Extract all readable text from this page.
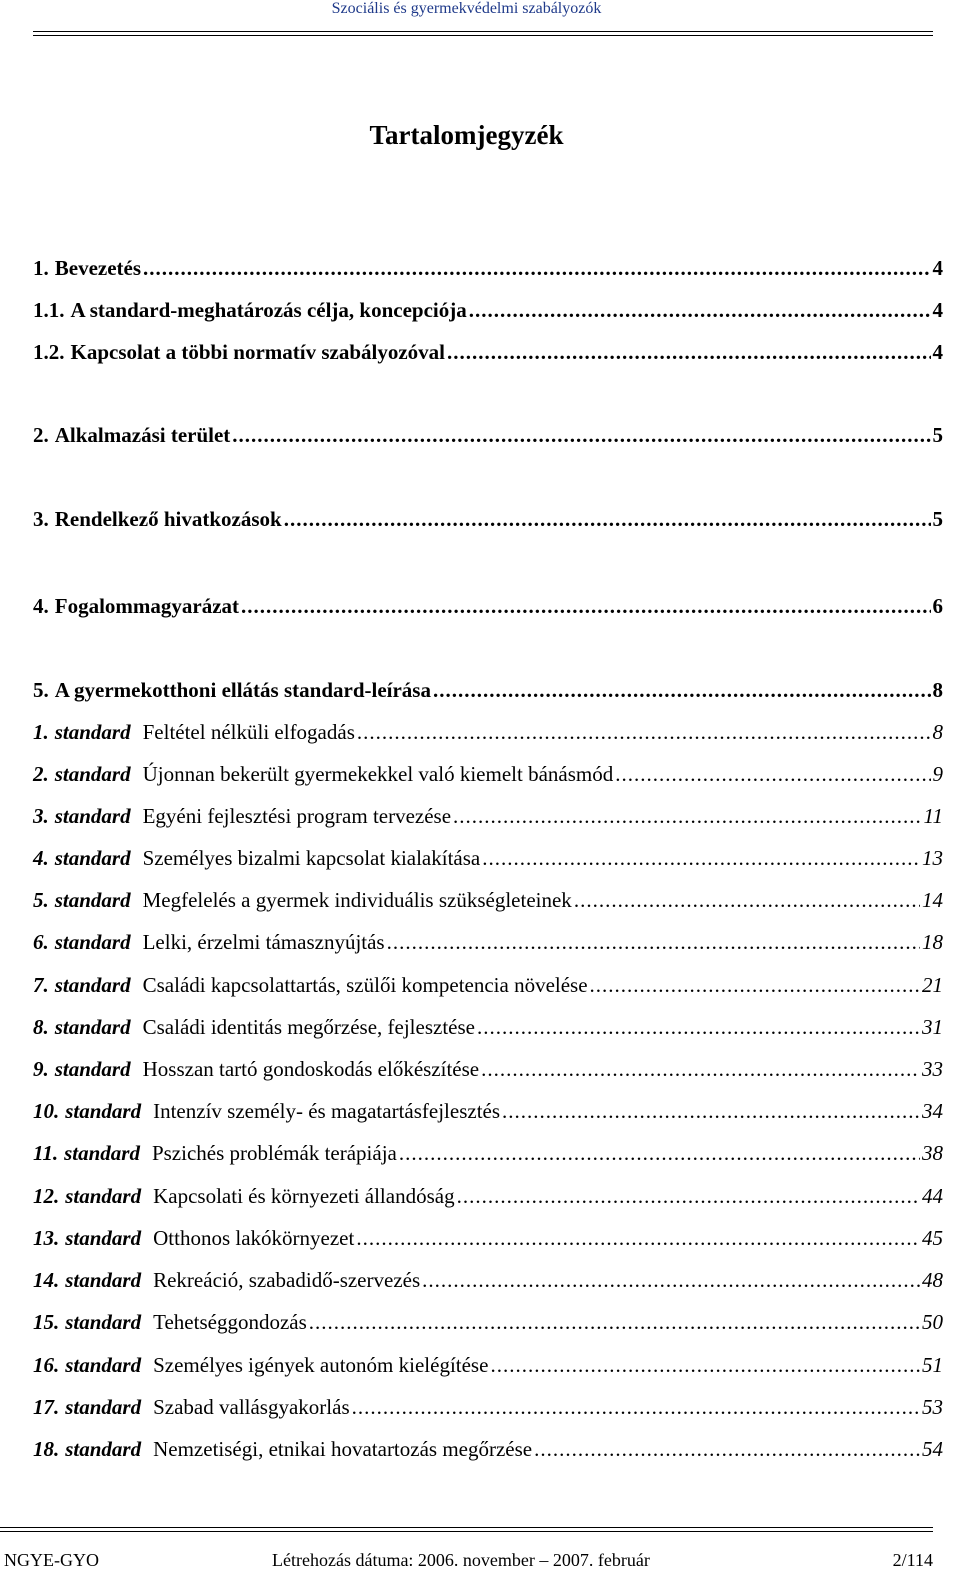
Szociális és gyermekvédelmi szabályozók
Tartalomjegyzék
1. Bevezetés .....	4
1.1. A standard-meghatározás célja, koncepciója .....	4
1.2. Kapcsolat a többi normatív szabályozóval .....	4
2. Alkalmazási terület .....	5
3. Rendelkező hivatkozások .....	5
4. Fogalommagyarázat .....	6
5. A gyermekotthoni ellátás standard-leírása .....	8
1. standard Feltétel nélküli elfogadás .....	8
2. standard Újonnan bekerült gyermekekkel való kiemelt bánásmód .....	9
3. standard Egyéni fejlesztési program tervezése .....	11
4. standard Személyes bizalmi kapcsolat kialakítása .....	13
5. standard Megfelelés a gyermek individuális szükségleteinek .....	14
6. standard Lelki, érzelmi támasznyújtás .....	18
7. standard Családi kapcsolattartás, szülői kompetencia növelése .....	21
8. standard Családi identitás megőrzése, fejlesztése .....	31
9. standard Hosszan tartó gondoskodás előkészítése .....	33
10. standard Intenzív személy- és magatartásfejlesztés .....	34
11. standard Pszichés problémák terápiája .....	38
12. standard Kapcsolati és környezeti állandóság .....	44
13. standard Otthonos lakókörnyezet .....	45
14. standard Rekreáció, szabadidő-szervezés .....	48
15. standard Tehetséggondozás .....	50
16. standard Személyes igények autonóm kielégítése .....	51
17. standard Szabad vallásgyakorlás .....	53
18. standard Nemzetiségi, etnikai hovatartozás megőrzése .....	54
NGYE-GYO	Létrehozás dátuma: 2006. november – 2007. február	2/114
